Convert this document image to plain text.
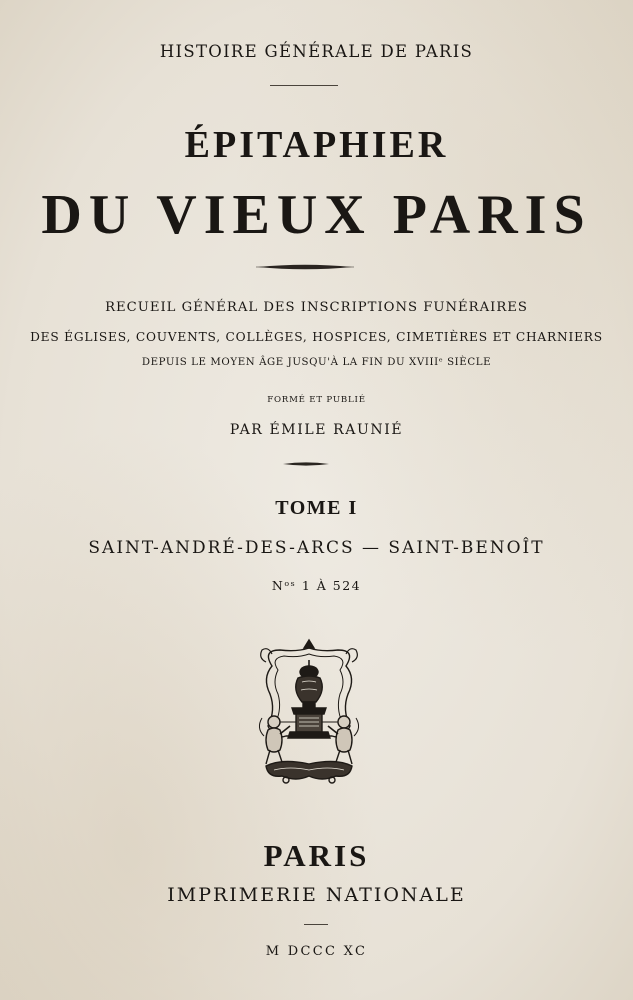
HISTOIRE GÉNÉRALE DE PARIS

ÉPITAPHIER

DU VIEUX PARIS

RECUEIL GÉNÉRAL DES INSCRIPTIONS FUNÉRAIRES

DES ÉGLISES, COUVENTS, COLLÈGES, HOSPICES, CIMETIÈRES ET CHARNIERS

DEPUIS LE MOYEN ÂGE JUSQU'À LA FIN DU XVIIIᵉ SIÈCLE

FORMÉ ET PUBLIÉ

PAR ÉMILE RAUNIÉ

TOME I

SAINT-ANDRÉ-DES-ARCS — SAINT-BENOÎT

Nᵒˢ 1 À 524

PARIS

IMPRIMERIE NATIONALE

M DCCC XC
